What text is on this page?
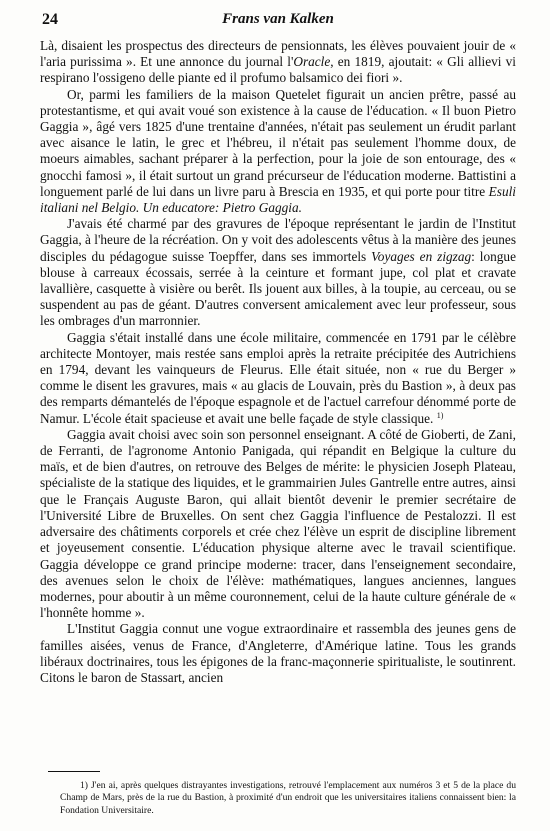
24	Frans van Kalken

Là, disaient les prospectus des directeurs de pensionnats, les élèves pouvaient jouir de « l'aria purissima ». Et une annonce du journal l'Oracle, en 1819, ajoutait: « Gli allievi vi respirano l'ossigeno delle piante ed il profumo balsamico dei fiori ».

Or, parmi les familiers de la maison Quetelet figurait un ancien prêtre, passé au protestantisme, et qui avait voué son existence à la cause de l'éducation. « Il buon Pietro Gaggia », âgé vers 1825 d'une trentaine d'années, n'était pas seulement un érudit parlant avec aisance le latin, le grec et l'hébreu, il n'était pas seulement l'homme doux, de moeurs aimables, sachant préparer à la perfection, pour la joie de son entourage, des « gnocchi famosi », il était surtout un grand précurseur de l'éducation moderne. Battistini a longuement parlé de lui dans un livre paru à Brescia en 1935, et qui porte pour titre Esuli italiani nel Belgio. Un educatore: Pietro Gaggia.

J'avais été charmé par des gravures de l'époque représentant le jardin de l'Institut Gaggia, à l'heure de la récréation. On y voit des adolescents vêtus à la manière des jeunes disciples du pédagogue suisse Toepffer, dans ses immortels Voyages en zigzag: longue blouse à carreaux écossais, serrée à la ceinture et formant jupe, col plat et cravate lavallière, casquette à visière ou berêt. Ils jouent aux billes, à la toupie, au cerceau, ou se suspendent au pas de géant. D'autres conversent amicalement avec leur professeur, sous les ombrages d'un marronnier.

Gaggia s'était installé dans une école militaire, commencée en 1791 par le célèbre architecte Montoyer, mais restée sans emploi après la retraite précipitée des Autrichiens en 1794, devant les vainqueurs de Fleurus. Elle était située, non « rue du Berger » comme le disent les gravures, mais « au glacis de Louvain, près du Bastion », à deux pas des remparts démantelés de l'époque espagnole et de l'actuel carrefour dénommé porte de Namur. L'école était spacieuse et avait une belle façade de style classique. $^{1)}$

Gaggia avait choisi avec soin son personnel enseignant. A côté de Gioberti, de Zani, de Ferranti, de l'agronome Antonio Panigada, qui répandit en Belgique la culture du maïs, et de bien d'autres, on retrouve des Belges de mérite: le physicien Joseph Plateau, spécialiste de la statique des liquides, et le grammairien Jules Gantrelle entre autres, ainsi que le Français Auguste Baron, qui allait bientôt devenir le premier secrétaire de l'Université Libre de Bruxelles. On sent chez Gaggia l'influence de Pestalozzi. Il est adversaire des châtiments corporels et crée chez l'élève un esprit de discipline librement et joyeusement consentie. L'éducation physique alterne avec le travail scientifique. Gaggia développe ce grand principe moderne: tracer, dans l'enseignement secondaire, des avenues selon le choix de l'élève: mathématiques, langues anciennes, langues modernes, pour aboutir à un même couronnement, celui de la haute culture générale de « l'honnête homme ».

L'Institut Gaggia connut une vogue extraordinaire et rassembla des jeunes gens de familles aisées, venus de France, d'Angleterre, d'Amérique latine. Tous les grands libéraux doctrinaires, tous les épigones de la franc-maçonnerie spiritualiste, le soutinrent. Citons le baron de Stassart, ancien

1) J'en ai, après quelques distrayantes investigations, retrouvé l'emplacement aux numéros 3 et 5 de la place du Champ de Mars, près de la rue du Bastion, à proximité d'un endroit que les universitaires italiens connaissent bien: la Fondation Universitaire.
